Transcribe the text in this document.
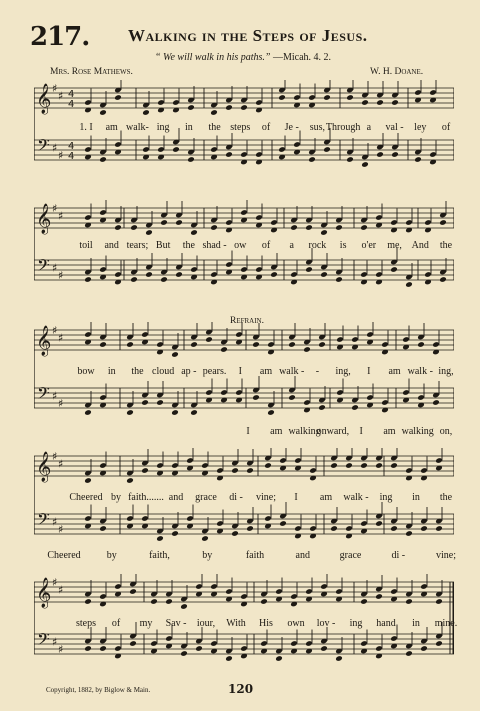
217. Walking in the Steps of Jesus.
“ We will walk in his paths.” —Micah. 4. 2.
Mrs. Rose Mathews.	W. H. Doane.
Refrain.
𝄞
𝄢
♯
♯
♯
♯
4
4
4
4
1. I am walk- ing in the steps of Je - sus, Through a val - ley of
𝄞
𝄢
♯
♯
♯
♯
toil and tears; But the shad - ow of a rock is o'er me, And the
𝄞
𝄢
♯
♯
♯
♯
bow in the cloud ap - pears. I am walk - - ing, I am walk - ing,
I am walking
onward, I am walking on,
𝄞
𝄢
♯
♯
♯
♯
Cheered by faith....... and grace di - vine; I am walk - ing in the
Cheered	by	faith,	by	faith	and	grace	di -	vine;
𝄞
𝄢
♯
♯
♯
♯
steps of my Sav - iour, With His own lov - ing hand in mine.
Copyright, 1882, by Biglow & Main.	120
